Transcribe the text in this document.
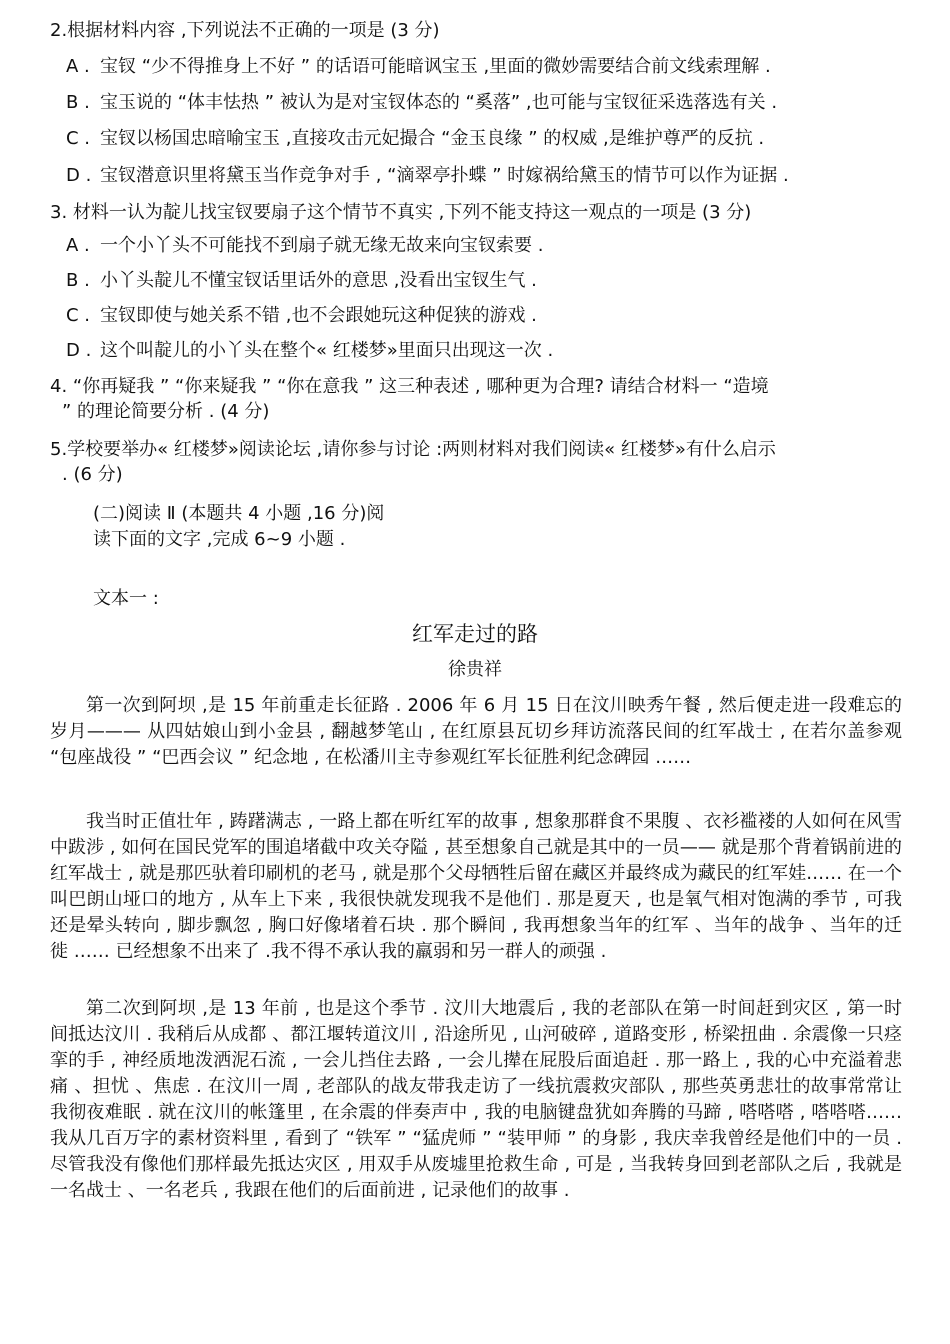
2.根据材料内容 ,下列说法不正确的一项是 (3 分)
A . 宝钗 “少不得推身上不好 ” 的话语可能暗讽宝玉 ,里面的微妙需要结合前文线索理解 .
B . 宝玉说的 “体丰怯热 ” 被认为是对宝钗体态的 “奚落” ,也可能与宝钗征采选落选有关 .
C . 宝钗以杨国忠暗喻宝玉 ,直接攻击元妃撮合 “金玉良缘 ” 的权威 ,是维护尊严的反抗 .
D . 宝钗潜意识里将黛玉当作竞争对手 , “滴翠亭扑蝶 ” 时嫁祸给黛玉的情节可以作为证据 .
3. 材料一认为靛儿找宝钗要扇子这个情节不真实 ,下列不能支持这一观点的一项是 (3 分)
A . 一个小丫头不可能找不到扇子就无缘无故来向宝钗索要 .
B . 小丫头靛儿不懂宝钗话里话外的意思 ,没看出宝钗生气 .
C . 宝钗即使与她关系不错 ,也不会跟她玩这种促狭的游戏 .
D . 这个叫靛儿的小丫头在整个« 红楼梦»里面只出现这一次 .
4. “你再疑我 ” “你来疑我 ” “你在意我 ” 这三种表述 , 哪种更为合理? 请结合材料一 “造境
” 的理论简要分析 . (4 分)
5.学校要举办« 红楼梦»阅读论坛 ,请你参与讨论 :两则材料对我们阅读« 红楼梦»有什么启示
. (6 分)
(二)阅读 Ⅱ (本题共 4 小题 ,16 分)阅读下面的文字 ,完成 6~9 小题 .
文本一 :
红军走过的路
徐贵祥
第一次到阿坝 ,是 15 年前重走长征路 . 2006 年 6 月 15 日在汶川映秀午餐 , 然后便走进一段难忘的岁月——— 从四姑娘山到小金县 , 翻越梦笔山 , 在红原县瓦切乡拜访流落民间的红军战士 , 在若尔盖参观 “包座战役 ” “巴西会议 ” 纪念地 , 在松潘川主寺参观红军长征胜利纪念碑园 ……
我当时正值壮年 , 踌躇满志 , 一路上都在听红军的故事 , 想象那群食不果腹 、衣衫褴褛的人如何在风雪中跋涉 , 如何在国民党军的围追堵截中攻关夺隘 , 甚至想象自己就是其中的一员—— 就是那个背着锅前进的红军战士 , 就是那匹驮着印刷机的老马 , 就是那个父母牺牲后留在藏区并最终成为藏民的红军娃…… 在一个叫巴朗山垭口的地方 , 从车上下来 , 我很快就发现我不是他们 . 那是夏天 , 也是氧气相对饱满的季节 , 可我还是晕头转向 , 脚步飘忽 , 胸口好像堵着石块 . 那个瞬间 , 我再想象当年的红军 、当年的战争 、当年的迁徙 …… 已经想象不出来了 .我不得不承认我的羸弱和另一群人的顽强 .
第二次到阿坝 ,是 13 年前 , 也是这个季节 . 汶川大地震后 , 我的老部队在第一时间赶到灾区 , 第一时间抵达汶川 . 我稍后从成都 、都江堰转道汶川 , 沿途所见 , 山河破碎 , 道路变形 , 桥梁扭曲 . 余震像一只痉挛的手 , 神经质地泼洒泥石流 , 一会儿挡住去路 , 一会儿撵在屁股后面追赶 . 那一路上 , 我的心中充溢着悲痛 、担忧 、焦虑 . 在汶川一周 , 老部队的战友带我走访了一线抗震救灾部队 , 那些英勇悲壮的故事常常让我彻夜难眠 . 就在汶川的帐篷里 , 在余震的伴奏声中 , 我的电脑键盘犹如奔腾的马蹄 , 嗒嗒嗒 , 嗒嗒嗒…… 我从几百万字的素材资料里 , 看到了 “铁军 ” “猛虎师 ” “装甲师 ” 的身影 , 我庆幸我曾经是他们中的一员 . 尽管我没有像他们那样最先抵达灾区 , 用双手从废墟里抢救生命 , 可是 , 当我转身回到老部队之后 , 我就是一名战士 、一名老兵 , 我跟在他们的后面前进 , 记录他们的故事 .
